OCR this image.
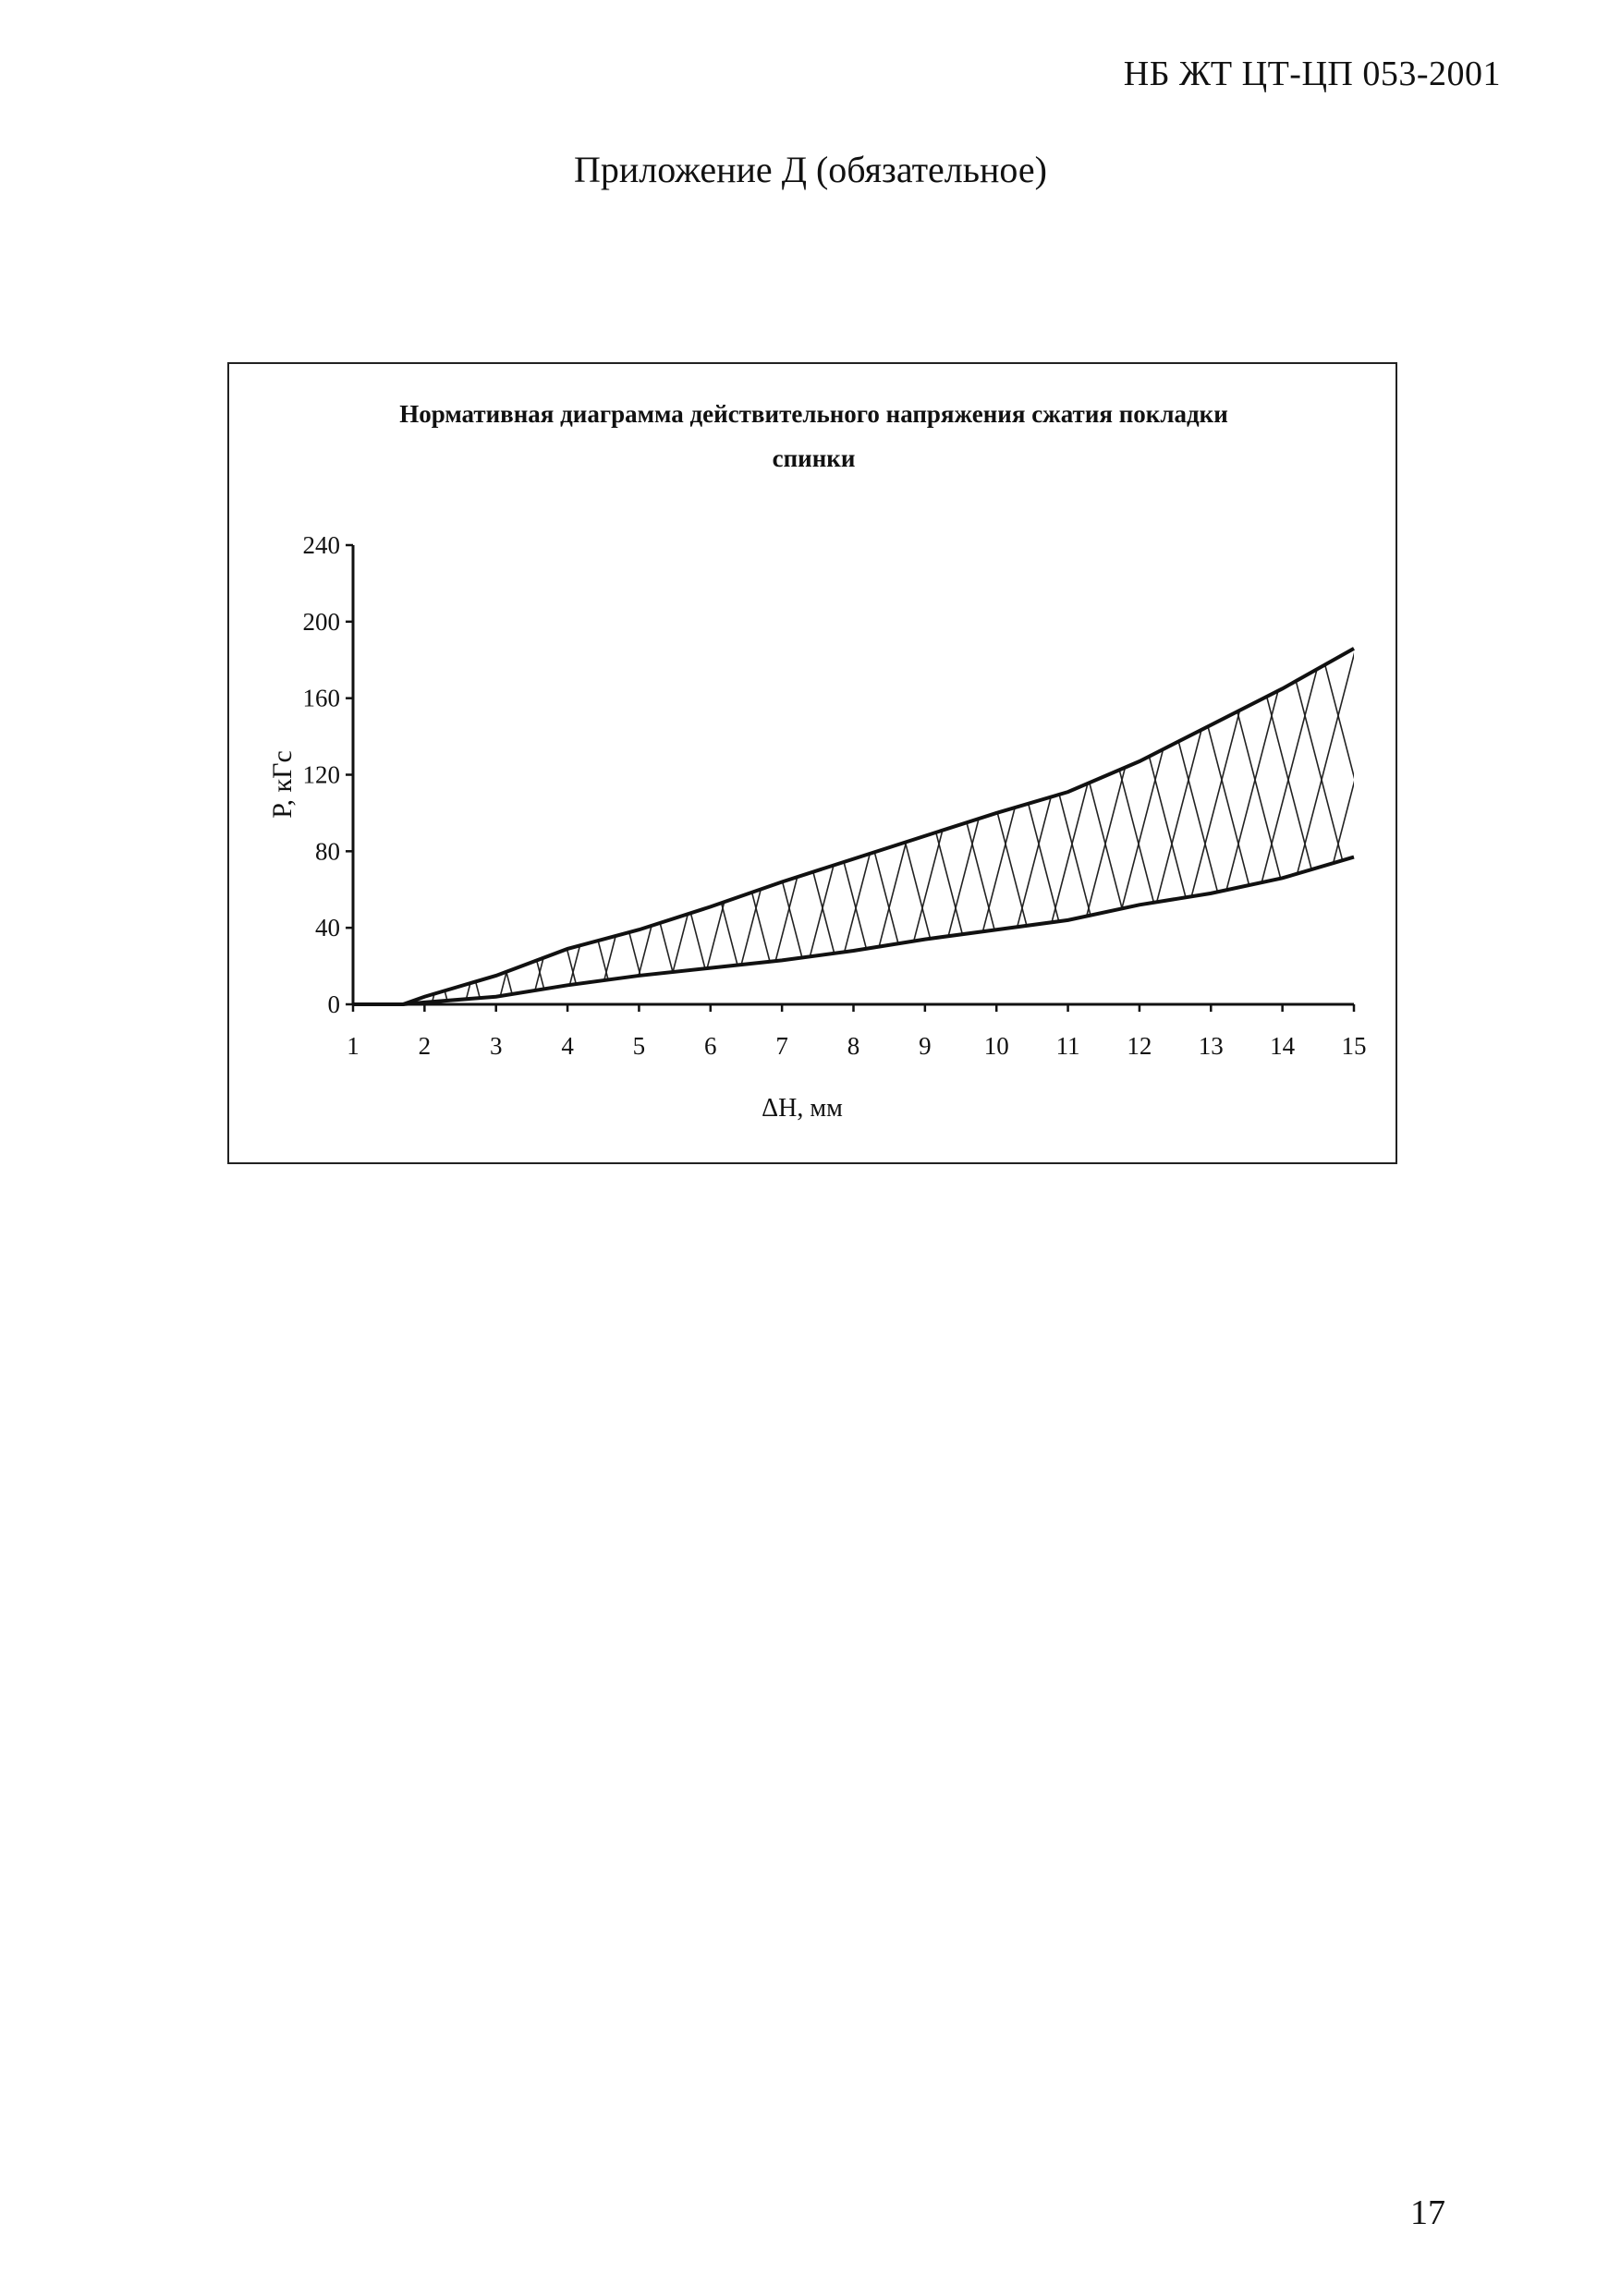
НБ ЖТ ЦТ-ЦП 053-2001
Приложение Д (обязательное)
Нормативная диаграмма действительного напряжения сжатия покладки спинки
P, кГс
ΔH, мм
0
40
80
120
160
200
240
1 2 3 4 5 6 7 8 9 10 11 12 13 14 15
17
